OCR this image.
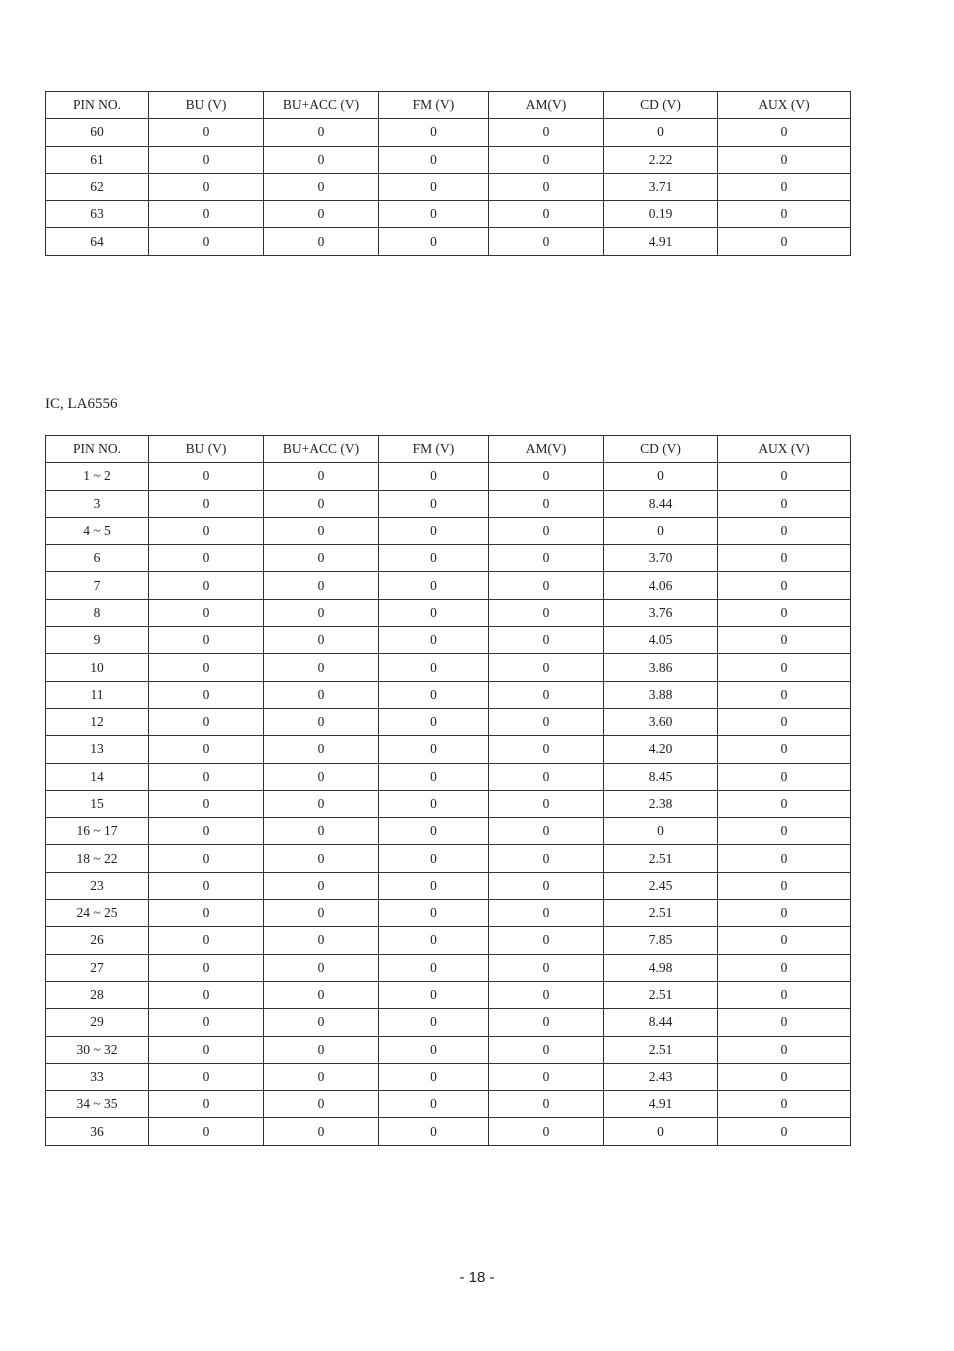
PIN NO.	BU (V)	BU+ACC (V)	FM (V)	AM(V)	CD (V)	AUX (V)
60	0	0	0	0	0	0
61	0	0	0	0	2.22	0
62	0	0	0	0	3.71	0
63	0	0	0	0	0.19	0
64	0	0	0	0	4.91	0

IC, LA6556

PIN NO.	BU (V)	BU+ACC (V)	FM (V)	AM(V)	CD (V)	AUX (V)
1 ~ 2	0	0	0	0	0	0
3	0	0	0	0	8.44	0
4 ~ 5	0	0	0	0	0	0
6	0	0	0	0	3.70	0
7	0	0	0	0	4.06	0
8	0	0	0	0	3.76	0
9	0	0	0	0	4.05	0
10	0	0	0	0	3.86	0
11	0	0	0	0	3.88	0
12	0	0	0	0	3.60	0
13	0	0	0	0	4.20	0
14	0	0	0	0	8.45	0
15	0	0	0	0	2.38	0
16 ~ 17	0	0	0	0	0	0
18 ~ 22	0	0	0	0	2.51	0
23	0	0	0	0	2.45	0
24 ~ 25	0	0	0	0	2.51	0
26	0	0	0	0	7.85	0
27	0	0	0	0	4.98	0
28	0	0	0	0	2.51	0
29	0	0	0	0	8.44	0
30 ~ 32	0	0	0	0	2.51	0
33	0	0	0	0	2.43	0
34 ~ 35	0	0	0	0	4.91	0
36	0	0	0	0	0	0
- 18 -
